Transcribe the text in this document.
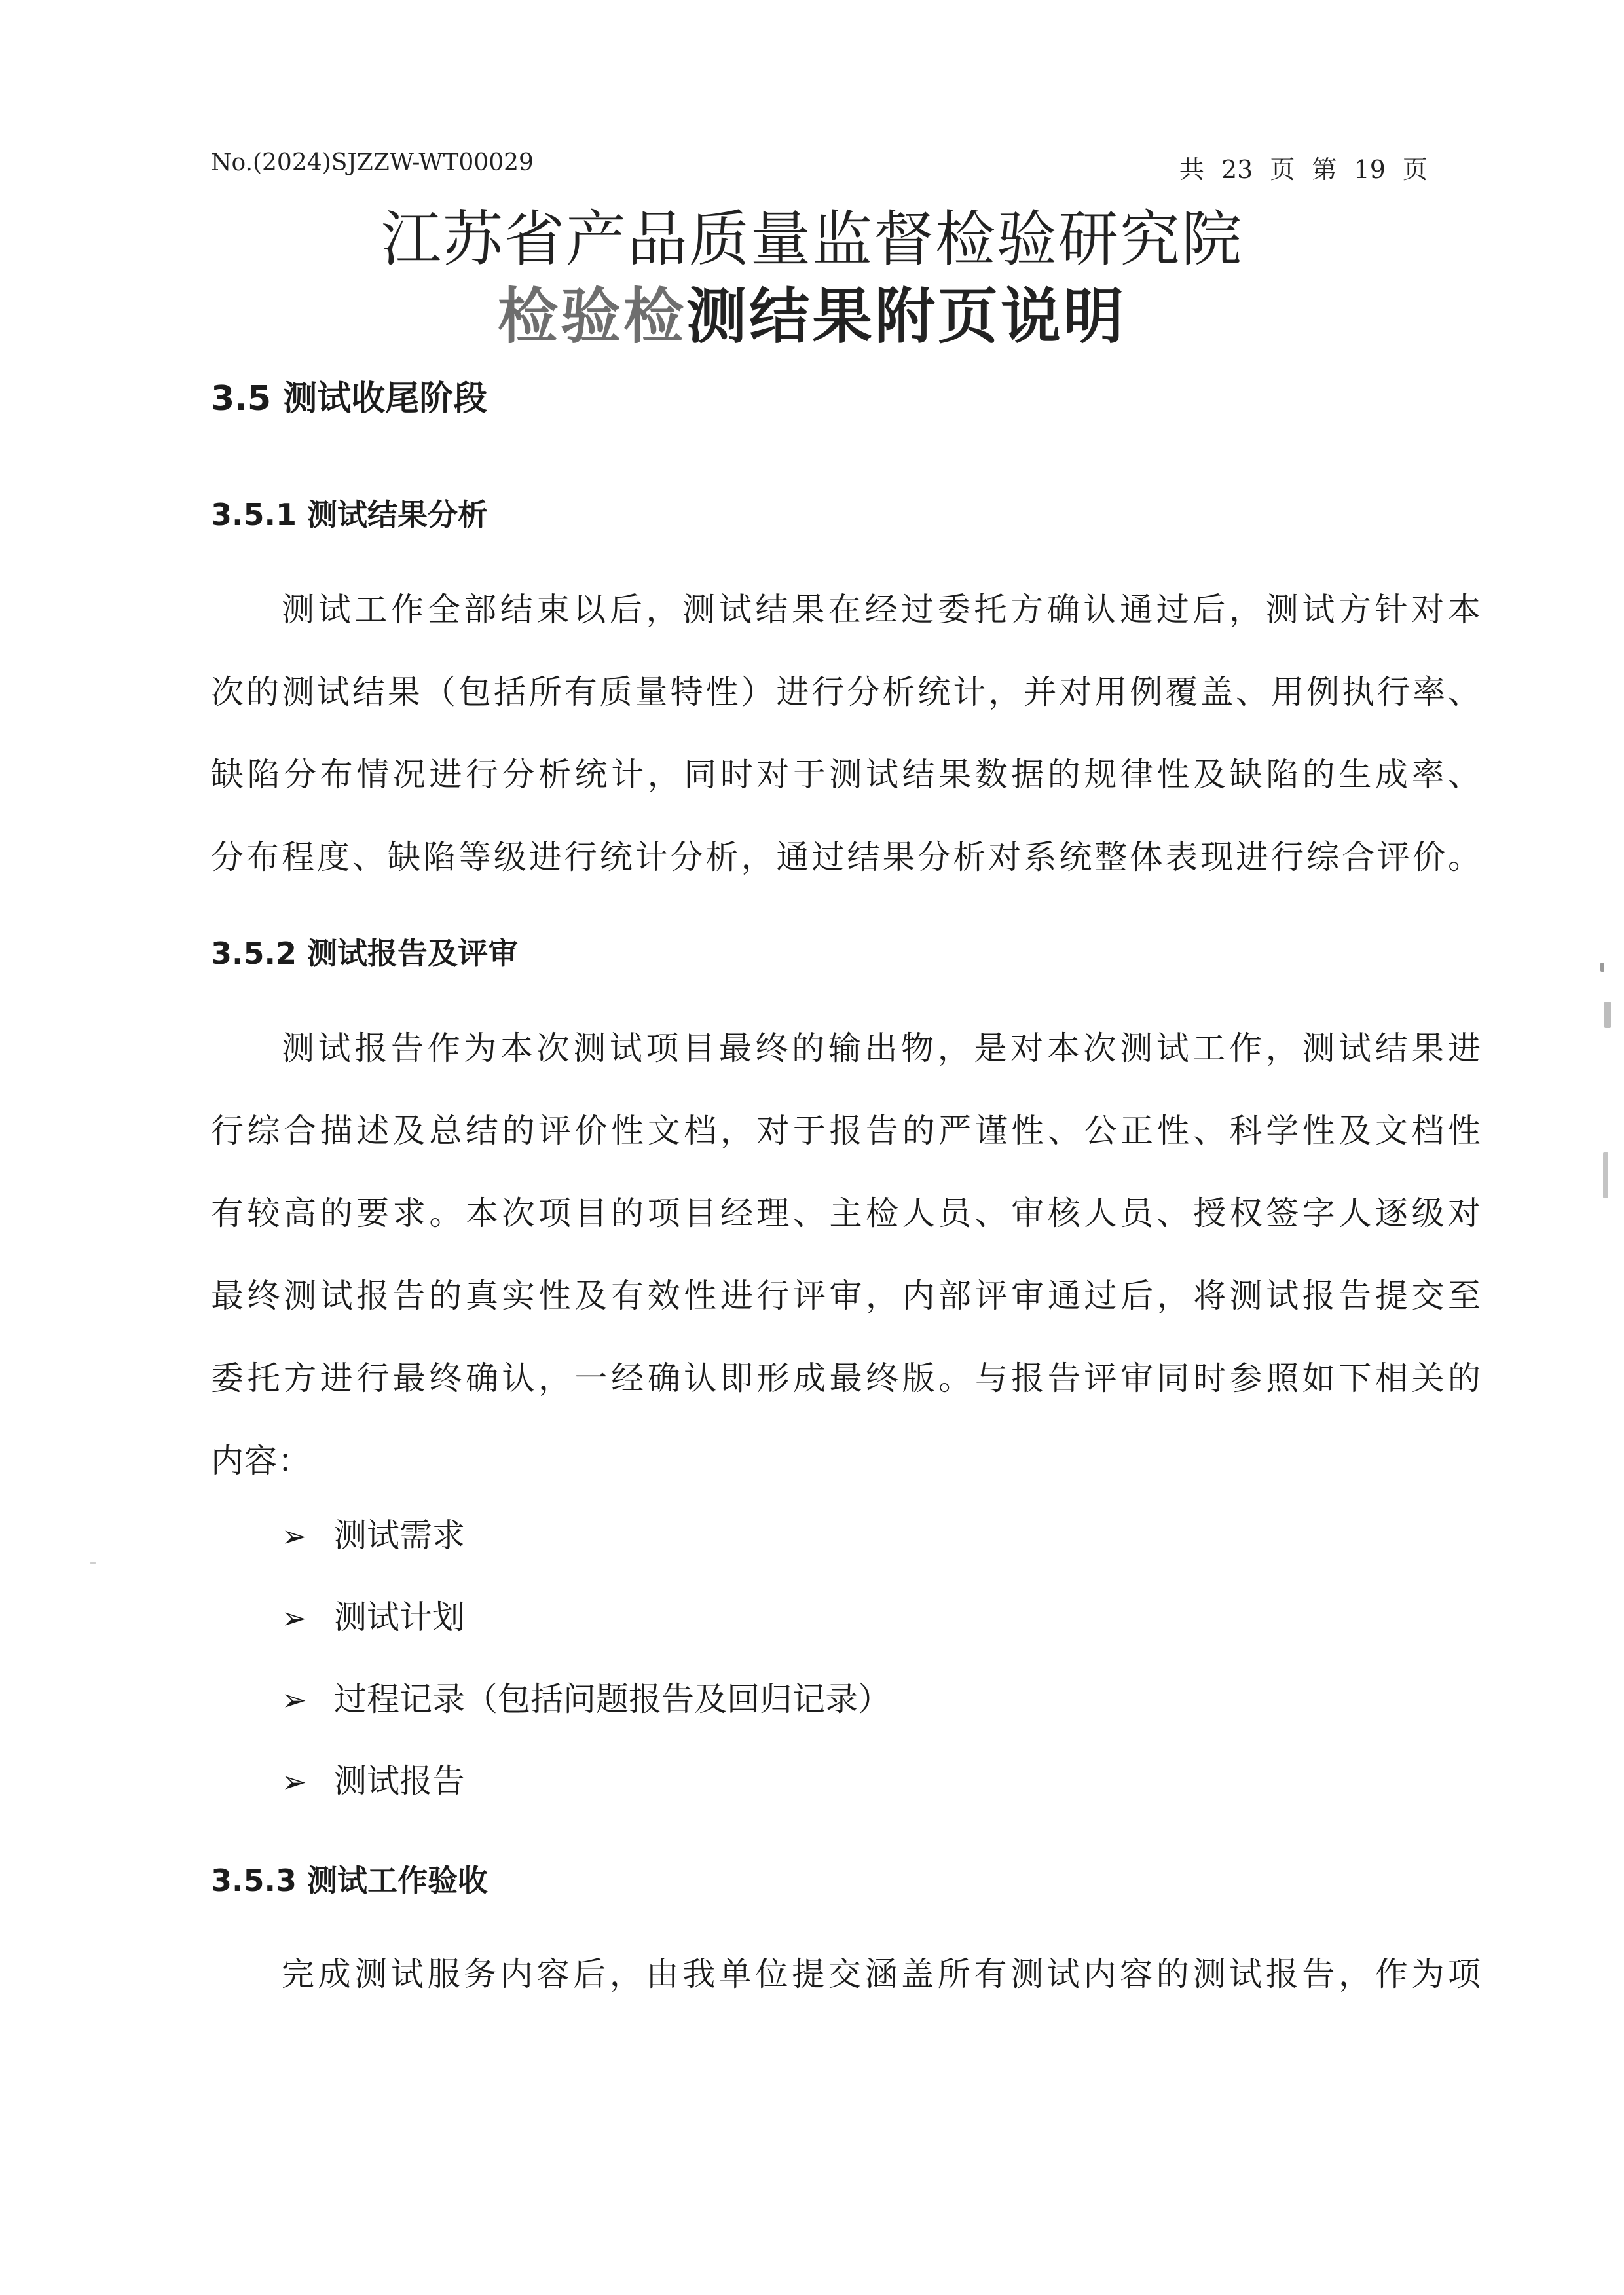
No.(2024)SJZZW-WT00029	共 23 页 第 19 页
江苏省产品质量监督检验研究院
检验检测结果附页说明
3.5 测试收尾阶段
3.5.1 测试结果分析
测试工作全部结束以后，测试结果在经过委托方确认通过后，测试方针对本
次的测试结果（包括所有质量特性）进行分析统计，并对用例覆盖、用例执行率、
缺陷分布情况进行分析统计，同时对于测试结果数据的规律性及缺陷的生成率、
分布程度、缺陷等级进行统计分析，通过结果分析对系统整体表现进行综合评价。
3.5.2 测试报告及评审
测试报告作为本次测试项目最终的输出物，是对本次测试工作，测试结果进
行综合描述及总结的评价性文档，对于报告的严谨性、公正性、科学性及文档性
有较高的要求。本次项目的项目经理、主检人员、审核人员、授权签字人逐级对
最终测试报告的真实性及有效性进行评审，内部评审通过后，将测试报告提交至
委托方进行最终确认，一经确认即形成最终版。与报告评审同时参照如下相关的
内容：
➢ 测试需求
➢ 测试计划
➢ 过程记录（包括问题报告及回归记录）
➢ 测试报告
3.5.3 测试工作验收
完成测试服务内容后，由我单位提交涵盖所有测试内容的测试报告，作为项
